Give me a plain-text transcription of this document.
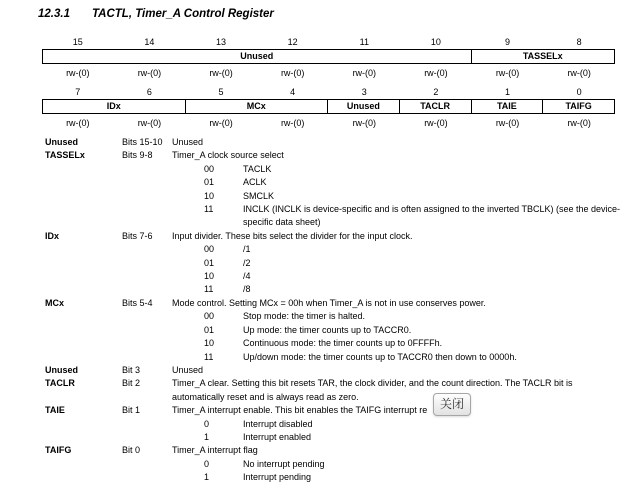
12.3.1 TACTL, Timer_A Control Register
15	14	13	12	11	10	9	8
Unused	TASSELx
rw-(0)	rw-(0)	rw-(0)	rw-(0)	rw-(0)	rw-(0)	rw-(0)	rw-(0)
7	6	5	4	3	2	1	0
IDx	MCx	Unused	TACLR	TAIE	TAIFG
rw-(0)	rw-(0)	rw-(0)	rw-(0)	rw-(0)	rw-(0)	rw-(0)	rw-(0)
Unused	Bits 15-10	Unused
TASSELx	Bits 9-8	Timer_A clock source select
00	TACLK
01	ACLK
10	SMCLK
11	INCLK (INCLK is device-specific and is often assigned to the inverted TBCLK) (see the device-specific data sheet)
IDx	Bits 7-6	Input divider. These bits select the divider for the input clock.
00	/1
01	/2
10	/4
11	/8
MCx	Bits 5-4	Mode control. Setting MCx = 00h when Timer_A is not in use conserves power.
00	Stop mode: the timer is halted.
01	Up mode: the timer counts up to TACCR0.
10	Continuous mode: the timer counts up to 0FFFFh.
11	Up/down mode: the timer counts up to TACCR0 then down to 0000h.
Unused	Bit 3	Unused
TACLR	Bit 2	Timer_A clear. Setting this bit resets TAR, the clock divider, and the count direction. The TACLR bit is automatically reset and is always read as zero.
TAIE	Bit 1	Timer_A interrupt enable. This bit enables the TAIFG interrupt re
0	Interrupt disabled
1	Interrupt enabled
TAIFG	Bit 0	Timer_A interrupt flag
0	No interrupt pending
1	Interrupt pending
关闭
